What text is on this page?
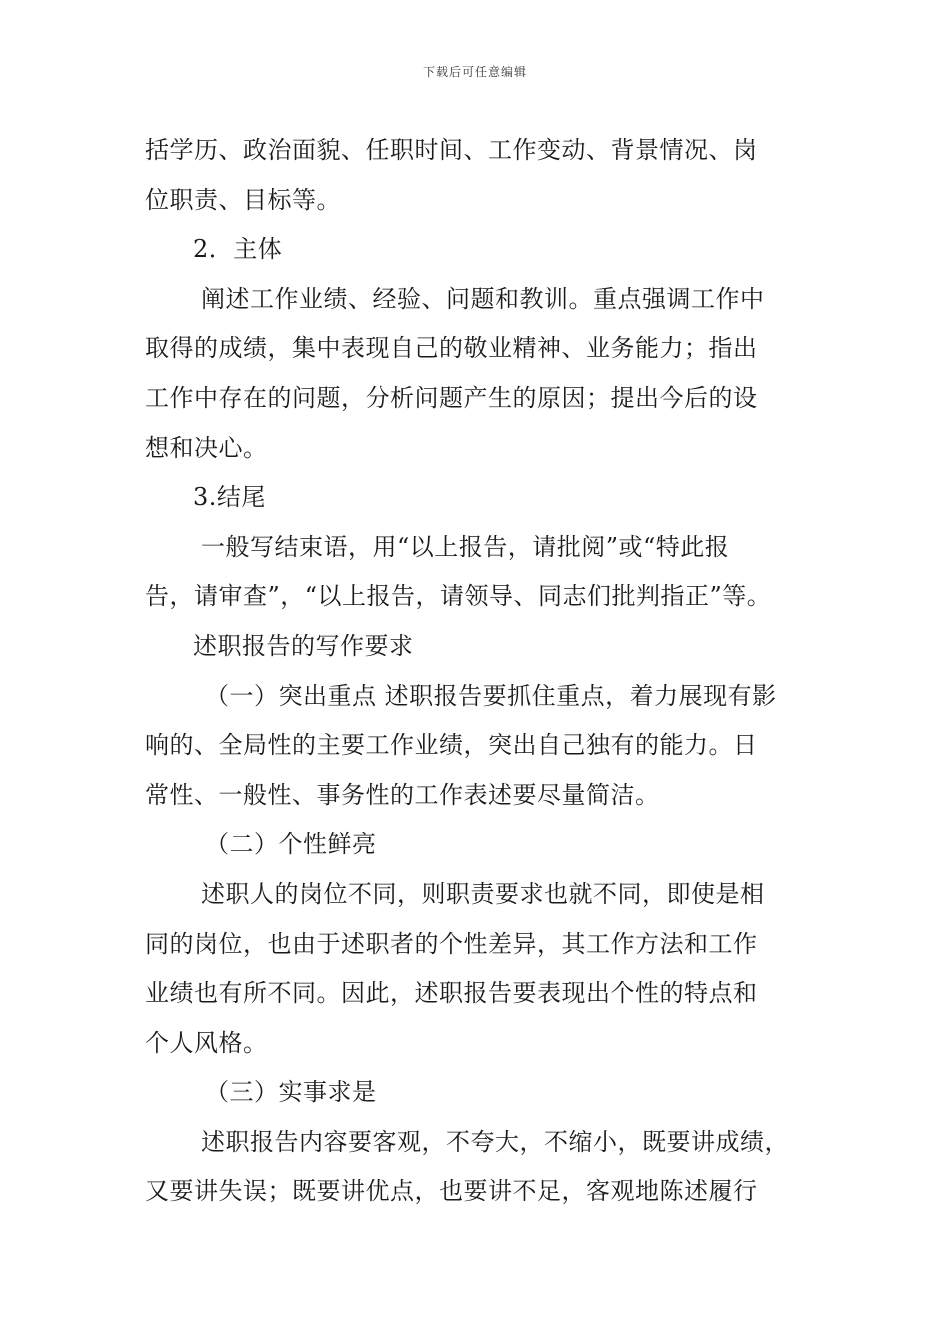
下载后可任意编辑
括学历、政治面貌、任职时间、工作变动、背景情况、岗
位职责、目标等。
2．主体
阐述工作业绩、经验、问题和教训。重点强调工作中
取得的成绩，集中表现自己的敬业精神、业务能力；指出
工作中存在的问题，分析问题产生的原因；提出今后的设
想和决心。
3.结尾
一般写结束语，用“以上报告，请批阅”或“特此报
告，请审查”，“以上报告，请领导、同志们批判指正”等。
述职报告的写作要求
（一）突出重点 述职报告要抓住重点，着力展现有影
响的、全局性的主要工作业绩，突出自己独有的能力。日
常性、一般性、事务性的工作表述要尽量简洁。
（二）个性鲜亮
述职人的岗位不同，则职责要求也就不同，即使是相
同的岗位，也由于述职者的个性差异，其工作方法和工作
业绩也有所不同。因此，述职报告要表现出个性的特点和
个人风格。
（三）实事求是
述职报告内容要客观，不夸大，不缩小，既要讲成绩，
又要讲失误；既要讲优点，也要讲不足，客观地陈述履行
